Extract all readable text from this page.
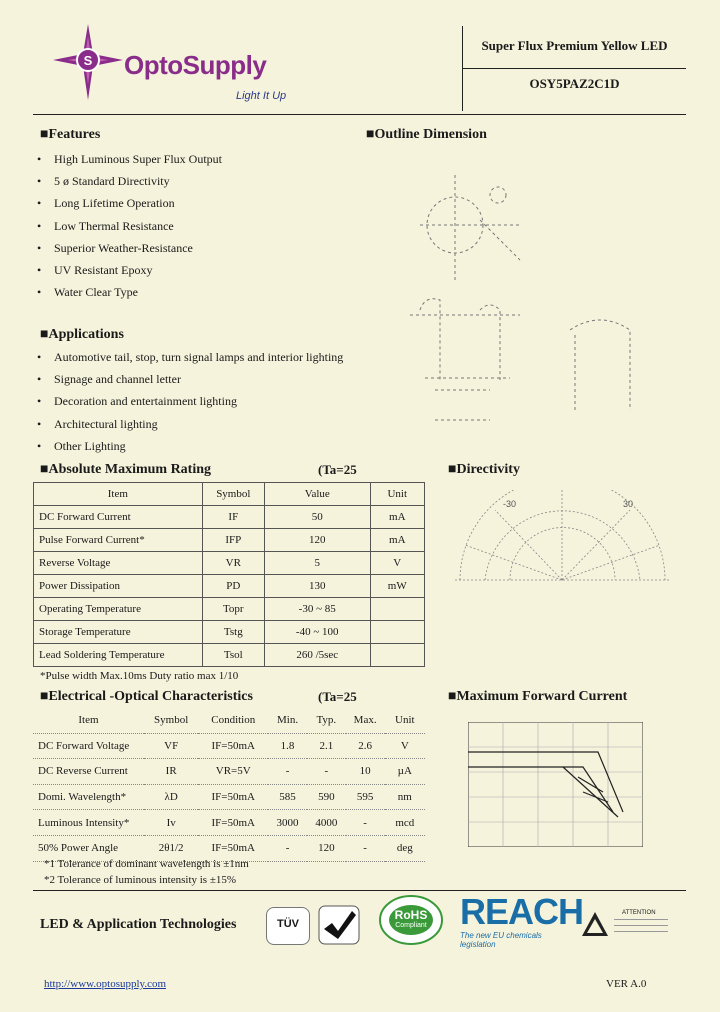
S OptoSupply
Light It Up
Super Flux Premium Yellow LED
OSY5PAZ2C1D
■Features
• High Luminous Super Flux Output
• 5 ø Standard Directivity
• Long Lifetime Operation
• Low Thermal Resistance
• Superior Weather-Resistance
• UV Resistant Epoxy
• Water Clear Type
■Outline Dimension
■Applications
• Automotive tail, stop, turn signal lamps and interior lighting
• Signage and channel letter
• Decoration and entertainment lighting
• Architectural lighting
• Other Lighting
■Absolute Maximum Rating	(Ta=25
Item	Symbol	Value	Unit
DC Forward Current	IF	50	mA
Pulse Forward Current*	IFP	120	mA
Reverse Voltage	VR	5	V
Power Dissipation	PD	130	mW
Operating Temperature	Topr	-30 ~ 85	
Storage Temperature	Tstg	-40 ~ 100	
Lead Soldering Temperature	Tsol	260 /5sec	
*Pulse width Max.10ms Duty ratio max 1/10
■Directivity
-30	30
■Electrical -Optical Characteristics	(Ta=25
Item	Symbol	Condition	Min.	Typ.	Max.	Unit
DC Forward Voltage	VF	IF=50mA	1.8	2.1	2.6	V
DC Reverse Current	IR	VR=5V	-	-	10	µA
Domi. Wavelength*	λD	IF=50mA	585	590	595	nm
Luminous Intensity*	Iv	IF=50mA	3000	4000	-	mcd
50% Power Angle	2θ1/2	IF=50mA	-	120	-	deg
*1 Tolerance of dominant wavelength is ±1nm
*2 Tolerance of luminous intensity is ±15%
■Maximum Forward Current
LED & Application Technologies	$_{TÜV}$
RoHS
Compliant REACH
The new EU chemicals legislation
ATTENTION
http://www.optosupply.com	VER A.0
